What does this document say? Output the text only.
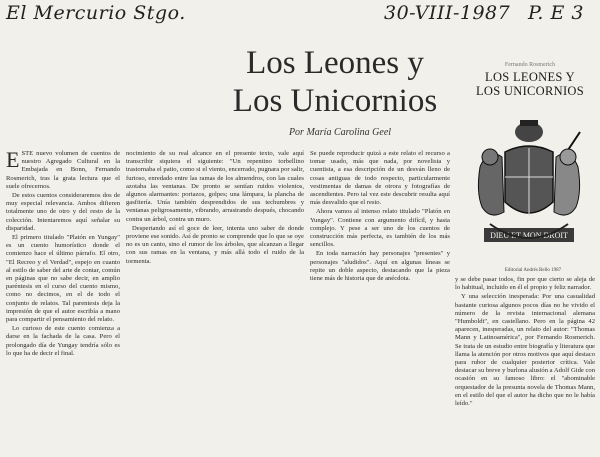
El Mercurio Stgo.	30-VIII-1987 P. E 3
Los Leones y
Los Unicornios
Por María Carolina Geel
Fernando Rosmerich
LOS LEONES Y
LOS UNICORNIOS
DIEU ET MON DROIT
Editorial Andrés Bello 1987

ESTE nuevo volumen de cuentos de nuestro Agregado Cultural en la Embajada en Bonn, Fernando Rosmerich, tras la grata lectura que el suele ofrecernos.

De estos cuentos consideraremos dos de muy especial relevancia. Ambos difieren totalmente uno de otro y del resto de la colección. Intentaremos aquí señalar su disparidad.

El primero titulado "Platón en Yungay" es un cuento humorístico donde el comienzo hace el último párrafo. El otro, "El Recreo y el Verdad", espejo en cuanto al estilo de saber del arte de contar, común en páginas que no sabe decir, en amplio paréntesis en el curso del cuento mismo, como no decimos, en el de todo el conjunto de relatos. Tal parentesis deja la impresión de que el autor escribía a mano para compartir el pensamiento del relato.

Lo curioso de este cuento comienza a darse en la fachada de la casa. Pero el prolongado día de Yungay tendría sólo es lo que ha de decir el final.

nocimiento de su real alcance en el presente texto, vale aquí transcribir siquiera el siguiente: "Un repentino torbellino trastornaba el patio, como si el viento, encerrado, pugnara por salir, furioso, enredado entre las ramas de los almendros, con las cuales azotaba las ventanas. De pronto se sentían ruidos violentos, algunos alarmantes: portazos, golpes; una lámpara, la plancha de gasfitería. Unía también desprendidos de sus techumbres y ventanas peligrosamente, vibrando, arrastrando después, chocando contra un árbol, contra un muro.

Despertando así el goce de leer, intenta uno saber de donde proviene ese sonido. Así de pronto se comprende que lo que se oye no es un canto, sino el rumor de los árboles, que alcanzan a llegar con sus ramas en la ventana, y más allá todo el ruido de la tormenta.

Se puede reproducir quizá a este relato el recurso a tomar usado, más que nada, por novelista y cuentista, a esa descripción de un desván lleno de cosas antiguas de todo respecto, particularmente vestimentas de damas de otrora y fotografías de ascendientes. Pero tal vez este descubrir resulta aquí más desvalido que el resto.

Ahora vamos al intenso relato titulado "Platón en Yungay". Contiene con argumento difícil, y hasta complejo. Y pese a ser uno de los cuentos de construcción más perfecta, es también de los más sencillos.

En toda narración hay personajes "presentes" y personajes "aludidos". Aquí en algunas líneas se repite un doble aspecto, destacando que la pieza tiene más de historia que de anécdota.	y se debe pasar todos, fin por que cierto se aleja de lo habitual, incluido en él el propio y feliz narrador.

Y una selección inesperada: Por una casualidad bastante curiosa algunos pocos días no he vivido el número de la revista internacional alemana "Humboldt", en castellano. Pero en la página 42 aparecen, inesperadas, un relato del autor: "Thomas Mann y Latinoamérica", por Fernando Rosmerich. Se trata de un estudio entre biografía y literatura que llama la atención por otros motivos que aquí destaco para rubor de cualquier posterior crítica. Vale destacar su breve y burlona alusión a Adolf Gide con ocasión en su famoso libro: el "abominable orquestador de la presunta novela de Thomas Mann, en el estilo del que el autor ha dicho que no le había leído."
